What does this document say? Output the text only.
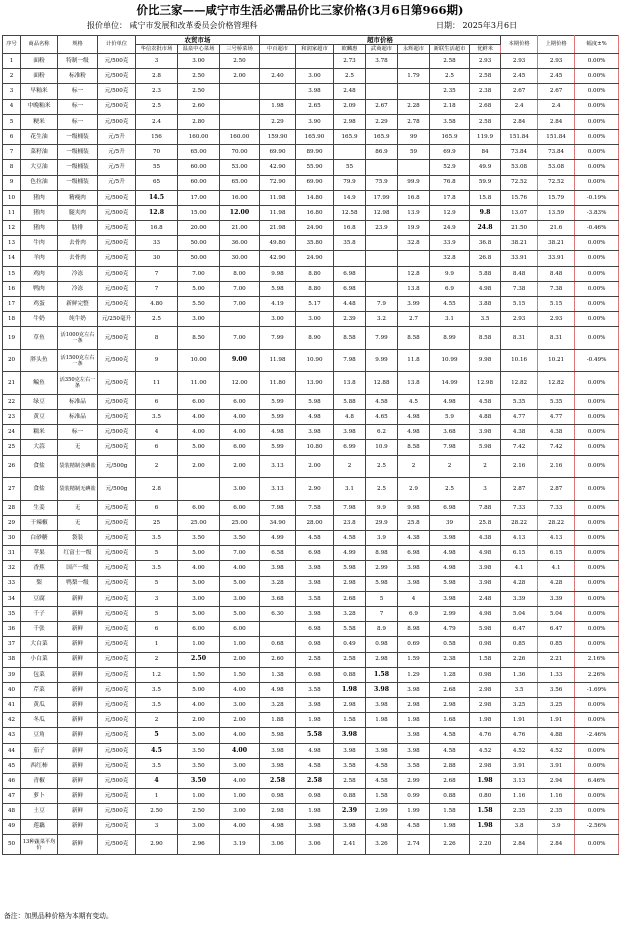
价比三家——咸宁市生活必需品价比三家价格(3月6日第966期)
报价单位： 咸宁市发展和改革委员会价格管理科	日期： 2025年3月6日
序号	商品名称	规格	计价单位	农贸市场			超市价格							本期价格	上期价格	幅度±%
				华信农批市场	温泉中心菜场	三号桥菜场	中百超市	和润家超市	欧麟惠	武商超市	永辉超市	新联生活超市	优鲜米			
1	面粉	特制一级	元/500克	3	3.00	2.50			2.73	3.78		2.58	2.93	2.93	2.93	0.00%
2	面粉	标准粉	元/500克	2.8	2.50	2.00	2.40	3.00	2.5		1.79	2.5	2.58	2.45	2.45	0.00%
3	早籼米	标一	元/500克	2.3	2.50			3.98	2.48			2.35	2.38	2.67	2.67	0.00%
4	中晚籼米	标一	元/500克	2.5	2.60		1.98	2.65	2.09	2.67	2.28	2.18	2.68	2.4	2.4	0.00%
5	粳米	标一	元/500克	2.4	2.80		2.29	3.90	2.98	2.29	2.78	3.58	2.58	2.84	2.84	0.00%
6	花生油	一级桶装	元/5升	156	160.00	160.00	159.90	165.90	165.9	165.9	99	165.9	119.9	151.84	151.84	0.00%
7	菜籽油	一级桶装	元/5升	70	65.00	70.00	69.90	89.90		86.9	59	69.9	84	73.84	73.84	0.00%
8	大豆油	一级桶装	元/5升	55	60.00	53.00	42.90	55.90	55			52.9	49.9	53.08	53.08	0.00%
9	色拉油	一级桶装	元/5升	65	60.00	65.00	72.90	69.90	79.9	75.9	99.9	76.8	59.9	72.52	72.52	0.00%
10	猪肉	精瘦肉	元/500克	14.5	17.00	16.00	11.98	14.80	14.9	17.99	16.8	17.8	15.8	15.76	15.79	-0.19%
11	猪肉	腿夹肉	元/500克	12.8	15.00	12.00	11.98	16.80	12.58	12.98	13.9	12.9	9.8	13.07	13.59	-3.83%
12	猪肉	肋排	元/500克	16.8	20.00	21.00	21.98	24.90	16.8	23.9	19.9	24.9	24.8	21.50	21.6	-0.46%
13	牛肉	去骨肉	元/500克	33	50.00	36.00	49.80	35.80	35.8		32.8	33.9	36.8	38.21	38.21	0.00%
14	羊肉	去骨肉	元/500克	30	50.00	30.00	42.90	24.90				32.8	26.8	33.91	33.91	0.00%
15	鸡肉	冷冻	元/500克	7	7.00	8.00	9.98	8.80	6.98		12.8	9.9	5.88	8.48	8.48	0.00%
16	鸭肉	冷冻	元/500克	7	5.00	7.00	5.98	8.80	6.98		13.8	6.9	4.98	7.38	7.38	0.00%
17	鸡蛋	新鲜完整	元/500克	4.80	5.50	7.00	4.19	5.17	4.48	7.9	3.99	4.55	3.88	5.15	5.15	0.00%
18	牛奶	纯牛奶	元/250毫升	2.5	3.00		3.00	3.00	2.39	3.2	2.7	3.1	3.5	2.93	2.93	0.00%
19	草鱼	活1000克左右一条	元/500克	8	8.50	7.00	7.99	8.90	8.58	7.99	8.58	8.99	8.58	8.31	8.31	0.00%
20	胖头鱼	活1500克左右一条	元/500克	9	10.00	9.00	11.98	10.90	7.98	9.99	11.8	10.99	9.98	10.16	10.21	-0.49%
21	鳊鱼	活350克左右一条	元/500克	11	11.00	12.00	11.80	13.90	13.8	12.88	13.8	14.99	12.98	12.82	12.82	0.00%
22	绿豆	标准品	元/500克	6	6.00	6.00	5.99	5.98	5.88	4.58	4.5	4.98	4.58	5.35	5.35	0.00%
23	黄豆	标准品	元/500克	3.5	4.00	4.00	5.99	4.98	4.8	4.65	4.98	5.9	4.88	4.77	4.77	0.00%
24	糯米	标一	元/500克	4	4.00	4.00	4.98	3.98	3.98	6.2	4.98	3.68	3.98	4.38	4.38	0.00%
25	大蒜	无	元/500克	6	5.00	6.00	5.99	10.80	6.99	10.9	8.58	7.98	5.98	7.42	7.42	0.00%
26	食盐	袋装精制含碘盐	元/500g	2	2.00	2.00	3.13	2.00	2	2.5	2	2	2	2.16	2.16	0.00%
27	食盐	袋装精制无碘盐	元/500g	2.8		3.00	3.13	2.90	3.1	2.5	2.9	2.5	3	2.87	2.87	0.00%
28	生姜	无	元/500克	6	6.00	6.00	7.98	7.58	7.98	9.9	9.98	6.98	7.88	7.33	7.33	0.00%
29	干辣椒	无	元/500克	25	25.00	25.00	34.90	28.00	23.8	29.9	25.8	39	25.8	28.22	28.22	0.00%
30	白砂糖	袋装	元/500克	3.5	3.50	3.50	4.99	4.58	4.58	3.9	4.38	3.98	4.38	4.13	4.13	0.00%
31	苹果	红富士一级	元/500克	5	5.00	7.00	6.58	6.98	4.99	8.98	6.98	4.98	4.98	6.15	6.15	0.00%
32	香蕉	国产一级	元/500克	3.5	4.00	4.00	3.98	3.98	5.98	2.99	3.98	4.98	3.98	4.1	4.1	0.00%
33	梨	鸭梨一级	元/500克	5	5.00	5.00	3.28	3.98	2.98	5.98	3.98	5.98	3.98	4.28	4.28	0.00%
34	豆腐	新鲜	元/500克	3	3.00	3.00	3.68	3.58	2.68	5	4	3.98	2.48	3.39	3.39	0.00%
35	千子	新鲜	元/500克	5	5.00	5.00	6.30	3.98	3.28	7	6.9	2.99	4.98	5.04	5.04	0.00%
36	千张	新鲜	元/500克	6	6.00	6.00		6.98	5.58	8.9	8.98	4.79	5.98	6.47	6.47	0.00%
37	大白菜	新鲜	元/500克	1	1.00	1.00	0.68	0.98	0.49	0.98	0.69	0.58	0.98	0.85	0.85	0.00%
38	小白菜	新鲜	元/500克	2	2.50	2.00	2.60	2.58	2.58	2.98	1.59	2.38	1.58	2.26	2.21	2.16%
39	包菜	新鲜	元/500克	1.2	1.50	1.50	1.38	0.98	0.88	1.58	1.29	1.28	0.98	1.36	1.33	2.26%
40	芹菜	新鲜	元/500克	3.5	5.00	4.00	4.98	3.58	1.98	3.98	3.98	2.68	2.98	3.5	3.56	-1.69%
41	黄瓜	新鲜	元/500克	3.5	4.00	3.00	3.28	3.98	2.98	3.98	2.98	2.98	2.98	3.25	3.25	0.00%
42	冬瓜	新鲜	元/500克	2	2.00	2.00	1.88	1.98	1.58	1.98	1.98	1.68	1.98	1.91	1.91	0.00%
43	豆角	新鲜	元/500克	5	5.00	4.00	5.98	5.58	3.98		3.98	4.58	4.76	4.76	4.88	-2.46%
44	茄子	新鲜	元/500克	4.5	3.50	4.00	3.98	4.98	3.98	3.98	3.98	4.58	4.52	4.52	4.52	0.00%
45	西红柿	新鲜	元/500克	3.5	3.50	3.00	3.98	4.58	3.58	4.58	3.58	2.88	2.98	3.91	3.91	0.00%
46	青椒	新鲜	元/500克	4	3.50	4.00	2.58	2.58	2.58	4.58	2.99	2.68	1.98	3.13	2.94	6.46%
47	萝卜	新鲜	元/500克	1	1.00	1.00	0.98	0.98	0.88	1.58	0.99	0.88	0.80	1.16	1.16	0.00%
48	土豆	新鲜	元/500克	2.50	2.50	3.00	2.98	1.98	2.39	2.99	1.99	1.58	1.58	2.35	2.35	0.00%
49	莲藕	新鲜	元/500克	3	3.00	4.00	4.98	3.98	3.98	4.98	4.58	1.98	1.98	3.8	3.9	-2.56%
50	13种蔬菜平均价	新鲜	元/500克	2.90	2.96	3.19	3.06	3.06	2.41	3.26	2.74	2.26	2.20	2.84	2.84	0.00%
备注：加黑品种价格为本期有变动。
